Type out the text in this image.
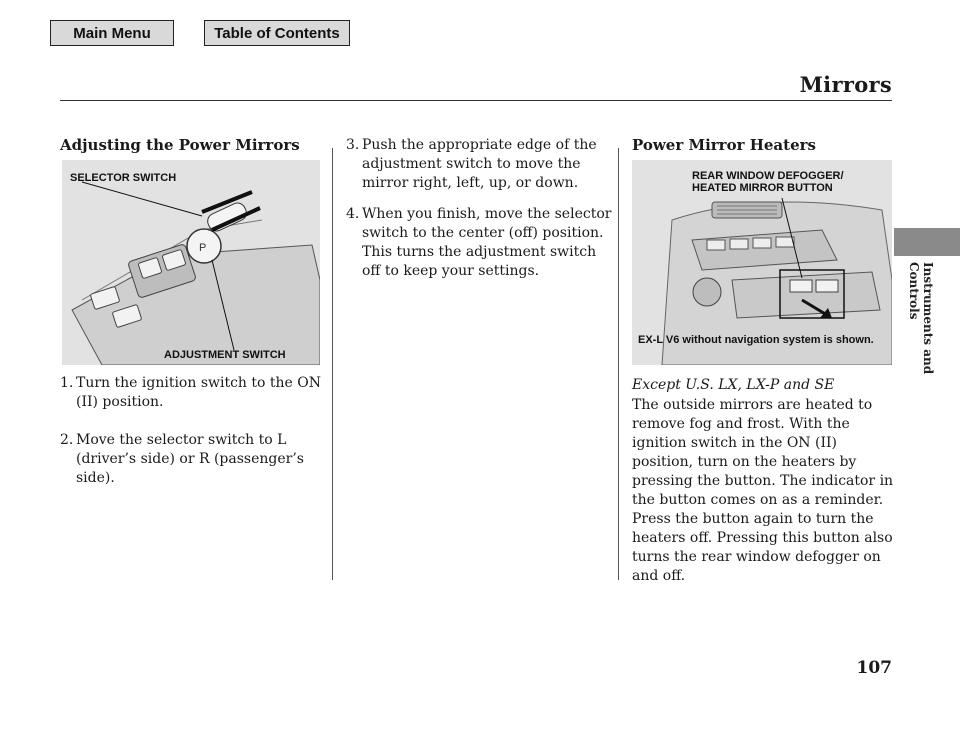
Main Menu	Table of Contents
Mirrors
Instruments and Controls
Adjusting the Power Mirrors
P
SELECTOR SWITCH
ADJUSTMENT SWITCH
1. Turn the ignition switch to the ON (II) position.
2. Move the selector switch to L (driver’s side) or R (passenger’s side).
3. Push the appropriate edge of the adjustment switch to move the mirror right, left, up, or down.
4. When you finish, move the selector switch to the center (off) position. This turns the adjustment switch off to keep your settings.
Power Mirror Heaters
REAR WINDOW DEFOGGER/ HEATED MIRROR BUTTON
EX-L V6 without navigation system is shown.
Except U.S. LX, LX-P and SE
The outside mirrors are heated to remove fog and frost. With the ignition switch in the ON (II) position, turn on the heaters by pressing the button. The indicator in the button comes on as a reminder. Press the button again to turn the heaters off. Pressing this button also turns the rear window defogger on and off.
107
